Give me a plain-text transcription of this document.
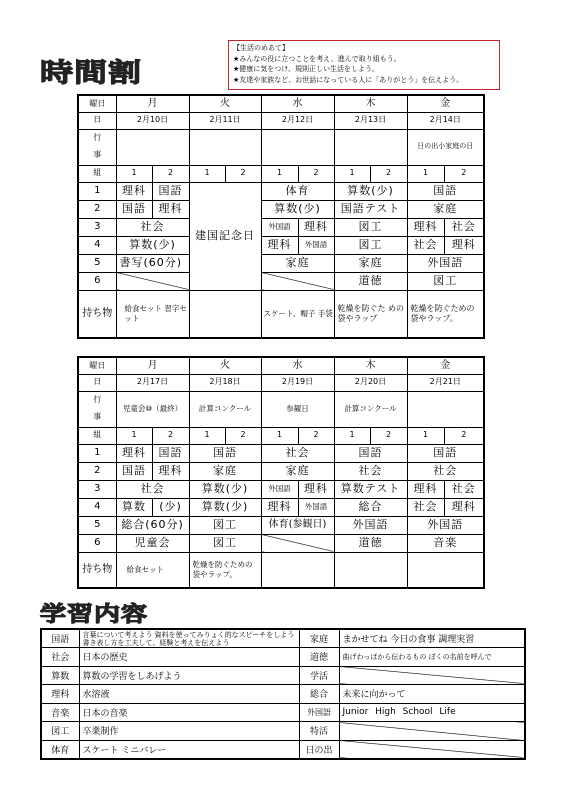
時間割
【生活のめあて】
★みんなの役に立つことを考え、進んで取り組もう。
★健康に気をつけ、規則正しい生活をしよう。
★友達や家族など、お世話になっている人に「ありがとう」を伝えよう。
曜日	月		火		水		木		金	
日	2月10日		2月11日		2月12日		2月13日		2月14日	
行

事									日の出小家庭の日	
組	1	2	1	2	1	2	1	2	1	2
1	理科	国語	建国記念日		体育		算数(少)		国語	
2	国語	理科			算数(少)		国語テスト		家庭	
3	社会				外国語	理科	図工		理科	社会
4	算数(少)				理科	外国語	図工		社会	理科
5	書写(60分)				家庭		家庭		外国語	
6							道徳		図工	
持ち物	給食セット 習字セット				スケート、帽子 手袋		乾燥を防ぐた めの袋やラップ		乾燥を防ぐための 袋やラップ。	
曜日	月		火		水		木		金	
日	2月17日		2月18日		2月19日		2月20日		2月21日	
行

事	児童会⑩（最終）		計算コンクール		参観日		計算コンクール			
組	1	2	1	2	1	2	1	2	1	2
1	理科	国語	国語		社会		国語		国語	
2	国語	理科	家庭		家庭		社会		社会	
3	社会		算数(少)		外国語	理科	算数テスト		理科	社会
4	算数	(少)	算数(少)		理科	外国語	総合		社会	理科
5	総合(60分)		図工		体育(参観日)		外国語		外国語	
6	児童会		図工				道徳		音楽	
持ち物	給食セット		乾燥を防ぐための 袋やラップ。							
学習内容
国語	言葉について考えよう 資料を使ってみりょく的なスピーチをしよう 書き表し方を工夫して、経験と考えを伝えよう	家庭	まかせてね 今日の食事 調理実習
社会	日本の歴史	道徳	曲げわっぱから伝わるもの ぼくの名前を呼んで
算数	算数の学習をしあげよう	学活	
理科	水溶液	総合	未来に向かって
音楽	日本の音楽	外国語	Junior High School Life
図工	卒業制作	特活	
体育	スケート ミニバレー	日の出	
